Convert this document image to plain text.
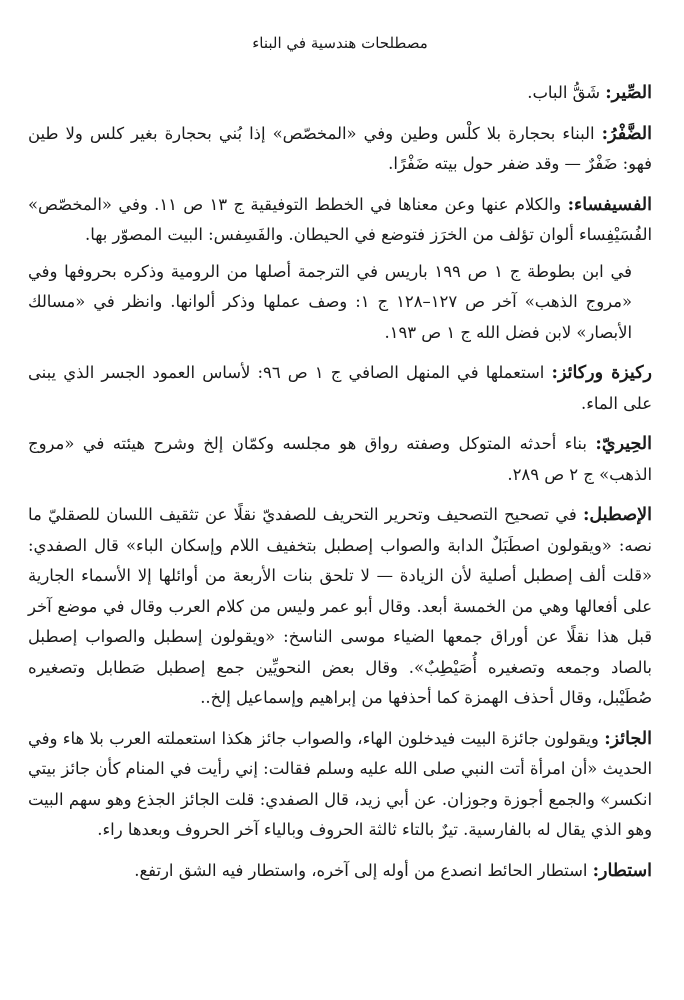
مصطلحات هندسية في البناء

الصِّير: شَقُّ الباب.

الضَّفْرُ: البناء بحجارة بلا كلْس وطين وفي «المخصّص» إذا بُني بحجارة بغير كلس ولا طين فهو: ضَفْرٌ — وقد ضفر حول بيته ضَفْرًا.

الفسيفساء: والكلام عنها وعن معناها في الخطط التوفيقية ج ١٣ ص ١١. وفي «المخصّص» الفُسَيْفِساء ألوان تؤلف من الخرَز فتوضع في الحيطان. والفَسِفس: البيت المصوّر بها.
في ابن بطوطة ج ١ ص ١٩٩ باريس في الترجمة أصلها من الرومية وذكره بحروفها وفي «مروج الذهب» آخر ص ١٢٧–١٢٨ ج ١: وصف عملها وذكر ألوانها. وانظر في «مسالك الأبصار» لابن فضل الله ج ١ ص ١٩٣.

ركيزة وركائز: استعملها في المنهل الصافي ج ١ ص ٩٦: لأساس العمود الجسر الذي يبنى على الماء.

الحِيريّ: بناء أحدثه المتوكل وصفته رواق هو مجلسه وكمّان إلخ وشرح هيئته في «مروج الذهب» ج ٢ ص ٢٨٩.

الإصطبل: في تصحيح التصحيف وتحرير التحريف للصفديّ نقلًا عن تثقيف اللسان للصقليّ ما نصه: «ويقولون اصطَبَلٌ الدابة والصواب إصطبل بتخفيف اللام وإسكان الباء» قال الصفدي: «قلت ألف إصطبل أصلية لأن الزيادة — لا تلحق بنات الأربعة من أوائلها إلا الأسماء الجارية على أفعالها وهي من الخمسة أبعد. وقال أبو عمر وليس من كلام العرب وقال في موضع آخر قبل هذا نقلًا عن أوراق جمعها الضياء موسى الناسخ: «ويقولون إسطبل والصواب إصطبل بالصاد وجمعه وتصغيره أُصَيْطِبٌ». وقال بعض النحويِّين جمع إصطبل صَطابل وتصغيره صُطَيْبل، وقال أحذف الهمزة كما أحذفها من إبراهيم وإسماعيل إلخ..

الجائز: ويقولون جائزة البيت فيدخلون الهاء، والصواب جائز هكذا استعملته العرب بلا هاء وفي الحديث «أن امرأة أتت النبي صلى الله عليه وسلم فقالت: إني رأيت في المنام كأن جائز بيتي انكسر» والجمع أجوزة وجوزان. عن أبي زيد، قال الصفدي: قلت الجائز الجذع وهو سهم البيت وهو الذي يقال له بالفارسية. تيرٌ بالتاء ثالثة الحروف وبالياء آخر الحروف وبعدها راء.

استطار: استطار الحائط انصدع من أوله إلى آخره، واستطار فيه الشق ارتفع.
